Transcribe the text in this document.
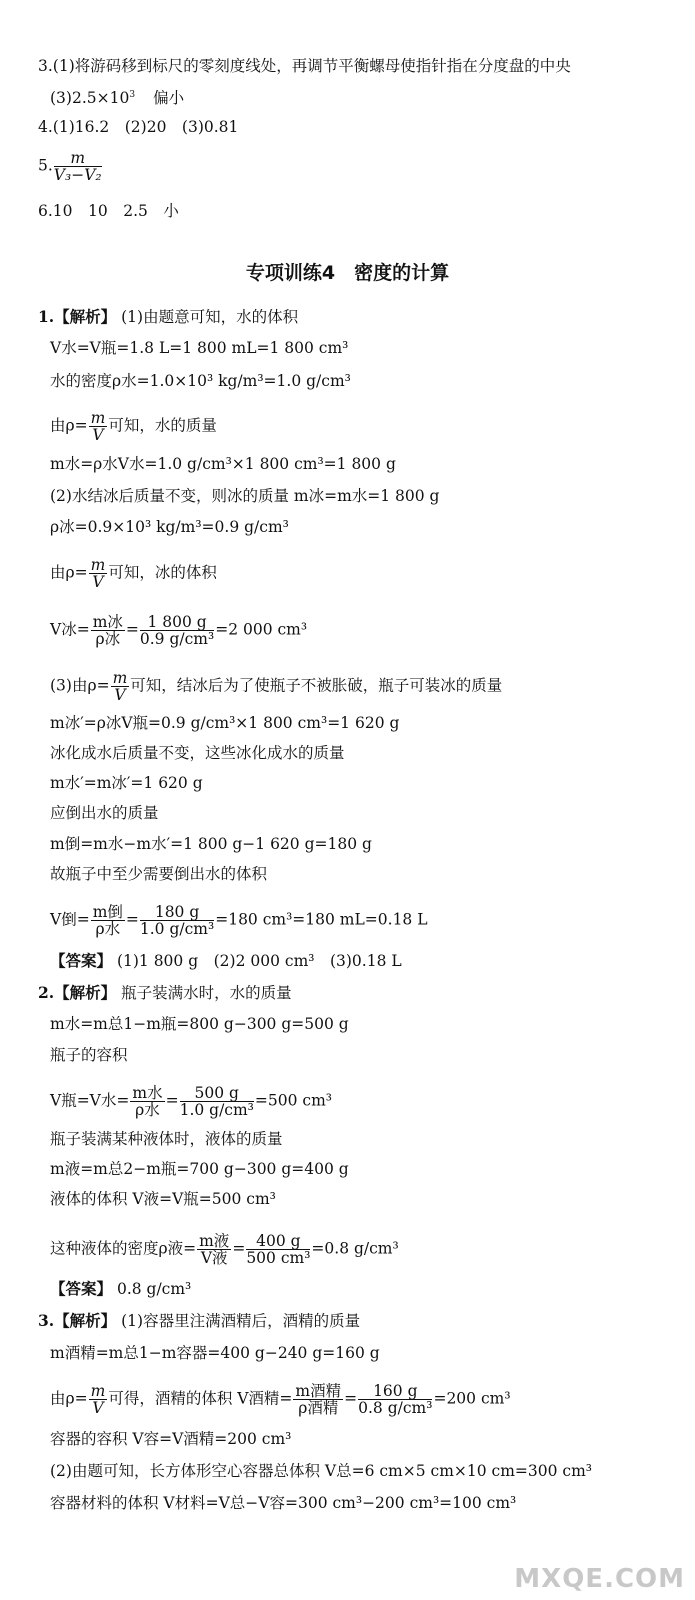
3.(1)将游码移到标尺的零刻度线处，再调节平衡螺母使指针指在分度盘的中央
$(3)2.5\times 10^3$ 偏小
4.(1)16.2　(2)20　(3)0.81
5. $\frac{m}{\text{V₃−V₂}}$
6.10　10　2.5　小
专项训练4　密度的计算
1.【解析】 (1)由题意可知，水的体积
V水=V瓶=1.8 L=1 800 mL=1 800 cm³
水的密度ρ水=1.0×10³ kg/m³=1.0 g/cm³
由$\rho= \frac{m}{V}$ 可知，水的质量
m水=ρ水V水=1.0 g/cm³×1 800 cm³=1 800 g
(2)水结冰后质量不变，则冰的质量 m冰=m水=1 800 g
ρ冰=0.9×10³ kg/m³=0.9 g/cm³
由$\rho= \frac{m}{V}$ 可知，冰的体积
V冰= $\frac{\text{m冰}}{\text{ρ冰}} = \frac{1 800 g}{\text{0.9 g/cm³}} =2$ 000 cm³
(3)由$\rho= \frac{m}{V}$ 可知，结冰后为了使瓶子不被胀破，瓶子可装冰的质量
m冰′=ρ冰V瓶=0.9 g/cm³×1 800 cm³=1 620 g
冰化成水后质量不变，这些冰化成水的质量
m水′=m冰′=1 620 g
应倒出水的质量
m倒=m水−m水′=1 800 g−1 620 g=180 g
故瓶子中至少需要倒出水的体积
V倒= $\frac{\text{m倒}}{\text{ρ水}} = \frac{180 g}{\text{1.0 g/cm³}} =180$ cm³=180 mL=0.18 L
【答案】 (1)1 800 g　(2)2 000 cm³　(3)0.18 L
2.【解析】 瓶子装满水时，水的质量
m水=m总1−m瓶=800 g−300 g=500 g
瓶子的容积
V瓶=V水= $\frac{\text{m水}}{\text{ρ水}} = \frac{500 g}{\text{1.0 g/cm³}} =500$ cm³
瓶子装满某种液体时，液体的质量
m液=m总2−m瓶=700 g−300 g=400 g
液体的体积 V液=V瓶=500 cm³
这种液体的密度ρ液= $\frac{\text{m液}}{\text{V液}} = \frac{400 g}{\text{500 cm³}} =0.8$ g/cm³
【答案】 0.8 g/cm³
3.【解析】 (1)容器里注满酒精后，酒精的质量
m酒精=m总1−m容器=400 g−240 g=160 g
由$\rho= \frac{m}{V}$ 可得，酒精的体积 V酒精= $\frac{\text{m酒精}}{\text{ρ酒精}} = \frac{160 g}{\text{0.8 g/cm³}} =200$ cm³
容器的容积 V容=V酒精=200 cm³
(2)由题可知，长方体形空心容器总体积 V总=6 cm×5 cm×10 cm=300 cm³
容器材料的体积 V材料=V总−V容=300 cm³−200 cm³=100 cm³
MXQE.COM
